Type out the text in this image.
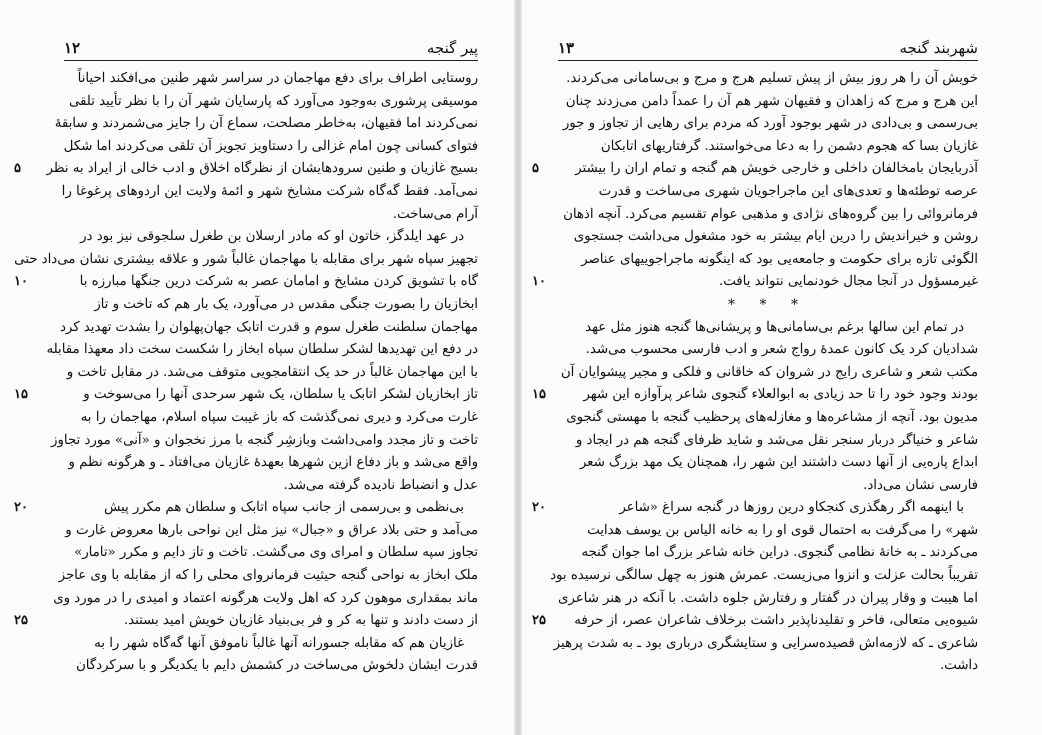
پیر گنجه
۱۲
روستایی اطراف برای دفع مهاجمان در سراسر شهر طنین می‌افکند احیاناً
موسیقی پرشوری به‌وجود می‌آورد که پارسایان شهر آن را با نظر تأیید تلقی
نمی‌کردند اما فقیهان، به‌خاطر مصلحت، سماع آن را جایز می‌شمردند و سابقهٔ
فتوای کسانی چون امام غزالی را دستاویز تجویز آن تلقی می‌کردند اما شکل
بسیج غازیان و طنین سرودهایشان از نظرگاه اخلاق و ادب خالی از ایراد به نظر
نمی‌آمد. فقط گه‌گاه شرکت مشایخ شهر و ائمهٔ ولایت این اردوهای پرغوغا را
آرام می‌ساخت.
در عهد ایلدگز، خاتون او که مادر ارسلان بن طغرل سلجوقی نیز بود در
تجهیز سپاه شهر برای مقابله با مهاجمان غالباً شور و علاقه بیشتری نشان می‌داد حتی
گاه با تشویق کردن مشایخ و امامان عصر به شرکت درین جنگها مبارزه با
ابخازیان را بصورت جنگی مقدس در می‌آورد، یک بار هم که تاخت و تاز
مهاجمان سلطنت طغرل سوم و قدرت اتابک جهان‌پهلوان را بشدت تهدید کرد
در دفع این تهدیدها لشکر سلطان سپاه ابخاز را شکست سخت داد معهذا مقابله
با این مهاجمان غالباً در حد یک انتقامجویی متوقف می‌شد. در مقابل تاخت و
تاز ابخازیان لشکر اتابک یا سلطان، یک شهر سرحدی آنها را می‌سوخت و
غارت می‌کرد و دیری نمی‌گذشت که باز غیبت سپاه اسلام، مهاجمان را به
تاخت و تاز مجدد وامی‌داشت وبازشِر گنجه با مرز نخجوان و «آنی» مورد تجاوز
واقع می‌شد و باز دفاع ازین شهرها بعهدهٔ غازیان می‌افتاد ـ و هرگونه نظم و
عدل و انضباط نادیده گرفته می‌شد.
بی‌نظمی و بی‌رسمی از جانب سپاه اتابک و سلطان هم مکرر پیش
می‌آمد و حتی بلاد عراق و «جبال» نیز مثل این نواحی بارها معروض غارت و
تجاوز سپه سلطان و امرای وی می‌گشت. تاخت و تاز دایم و مکرر «تامار»
ملک ابخاز به نواحی گنجه حیثیت فرمانروای محلی را که از مقابله با وی عاجز
ماند بمقداری موهون کرد که اهل ولایت هرگونه اعتماد و امیدی را در مورد وی
از دست دادند و تنها به کر و فر بی‌بنیاد غازیان خویش امید بستند.
غازیان هم که مقابله جسورانه آنها غالباً ناموفق آنها گه‌گاه شهر را به
قدرت ایشان دلخوش می‌ساخت در کشمش دایم با یکدیگر و با سرکردگان
۵
۱۰
۱۵
۲۰
۲۵
شهربند گنجه
۱۳
خویش آن را هر روز بیش از پیش تسلیم هرج و مرج و بی‌سامانی می‌کردند.
این هرج و مرج که زاهدان و فقیهان شهر هم آن را عمداً دامن می‌زدند چنان
بی‌رسمی و بی‌دادی در شهر بوجود آورد که مردم برای رهایی از تجاوز و جور
غازیان بسا که هجوم دشمن را به دعا می‌خواستند. گرفتاریهای اتابکان
آذربایجان بامخالفان داخلی و خارجی خویش هم گنجه و تمام اران را بیشتر
عرصه توطئه‌ها و تعدی‌های این ماجراجویان شهری می‌ساخت و قدرت
فرمانروائی را بین گروه‌های نژادی و مذهبی عوام تقسیم می‌کرد. آنچه اذهان
روشن و خیراندیش را درین ایام بیشتر به خود مشغول می‌داشت جستجوی
الگوئی تازه برای حکومت و جامعه‌یی بود که اینگونه ماجراجوییهای عناصر
غیرمسؤول در آنجا مجال خودنمایی نتواند یافت.
* * *
در تمام این سالها برغم بی‌سامانی‌ها و پریشانی‌ها گنجه هنوز مثل عهد
شدادیان کرد یک کانون عمدهٔ رواج شعر و ادب فارسی محسوب می‌شد.
مکتب شعر و شاعری رایج در شروان که خاقانی و فلکی و مجیر پیشوایان آن
بودند وجود خود را تا حد زیادی به ابوالعلاء گنجوی شاعر پرآوازه این شهر
مدیون بود. آنچه از مشاعره‌ها و مغازله‌های پرحظیب گنجه با مهستی گنجوی
شاعر و خنیاگر دربار سنجر نقل می‌شد و شاید ظرفای گنجه هم در ایجاد و
ابداع پاره‌یی از آنها دست داشتند این شهر را، همچنان یک مهد بزرگ شعر
فارسی نشان می‌داد.
با اینهمه اگر رهگذری کنجکاو درین روزها در گنجه سراغ «شاعر
شهر» را می‌گرفت به احتمال قوی او را به خانه الیاس بن یوسف هدایت
می‌کردند ـ به خانهٔ نظامی گنجوی. دراین خانه شاعر بزرگ اما جوان گنجه
تقریباً بحالت عزلت و انزوا می‌زیست. عمرش هنوز به چهل سالگی نرسیده بود
اما هیبت و وقار پیران در گفتار و رفتارش جلوه داشت. با آنکه در هنر شاعری
شیوه‌یی متعالی، فاخر و تقلیدناپذیر داشت برخلاف شاعران عصر، از حرفه
شاعری ـ که لازمه‌اش قصیده‌سرایی و ستایشگری درباری بود ـ به شدت پرهیز
داشت.
۵
۱۰
۱۵
۲۰
۲۵
